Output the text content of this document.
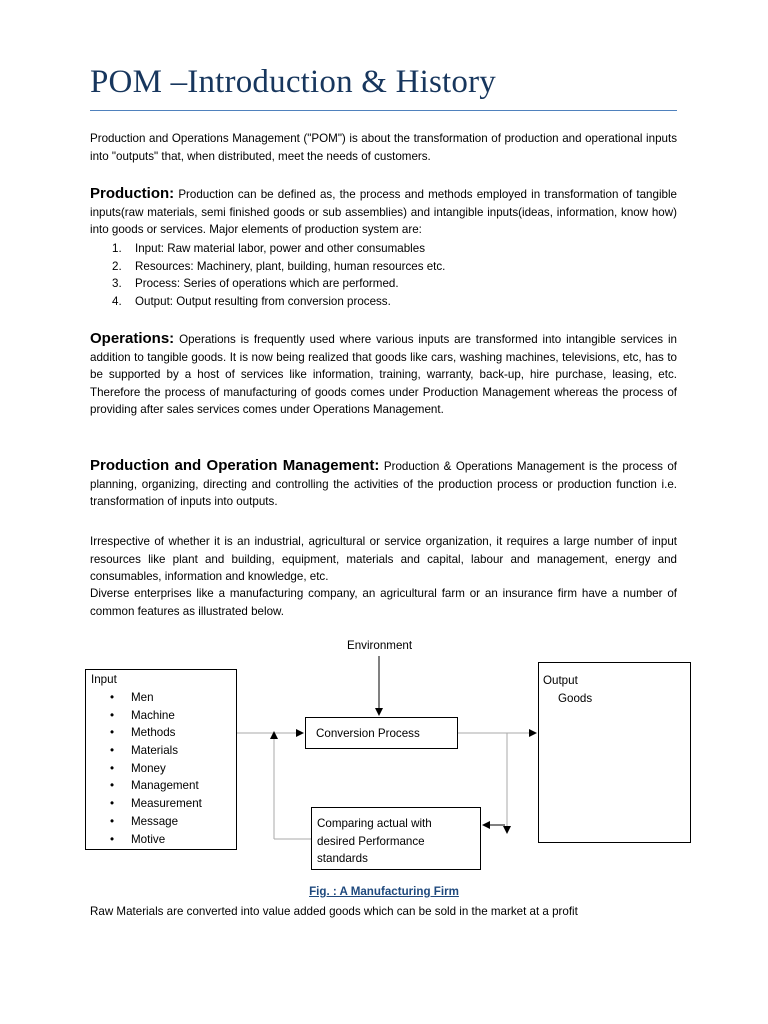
POM –Introduction & History

Production and Operations Management ("POM") is about the transformation of production and operational inputs into "outputs" that, when distributed, meet the needs of customers.

Production: Production can be defined as, the process and methods employed in transformation of tangible inputs(raw materials, semi finished goods or sub assemblies) and intangible inputs(ideas, information, know how) into goods or services. Major elements of production system are:

1. Input: Raw material labor, power and other consumables
2. Resources: Machinery, plant, building, human resources etc.
3. Process: Series of operations which are performed.
4. Output: Output resulting from conversion process.

Operations: Operations is frequently used where various inputs are transformed into intangible services in addition to tangible goods. It is now being realized that goods like cars, washing machines, televisions, etc, has to be supported by a host of services like information, training, warranty, back-up, hire purchase, leasing, etc. Therefore the process of manufacturing of goods comes under Production Management whereas the process of providing after sales services comes under Operations Management.

Production and Operation Management: Production & Operations Management is the process of planning, organizing, directing and controlling the activities of the production process or production function i.e. transformation of inputs into outputs.

Irrespective of whether it is an industrial, agricultural or service organization, it requires a large number of input resources like plant and building, equipment, materials and capital, labour and management, energy and consumables, information and knowledge, etc.

Diverse enterprises like a manufacturing company, an agricultural farm or an insurance firm have a number of common features as illustrated below.

Environment
Input
• Men
• Machine
• Methods
• Materials
• Money
• Management
• Measurement
• Message
• Motive
Conversion Process
Output
Goods
Comparing actual with desired Performance standards
Fig. : A Manufacturing Firm

Raw Materials are converted into value added goods which can be sold in the market at a profit
